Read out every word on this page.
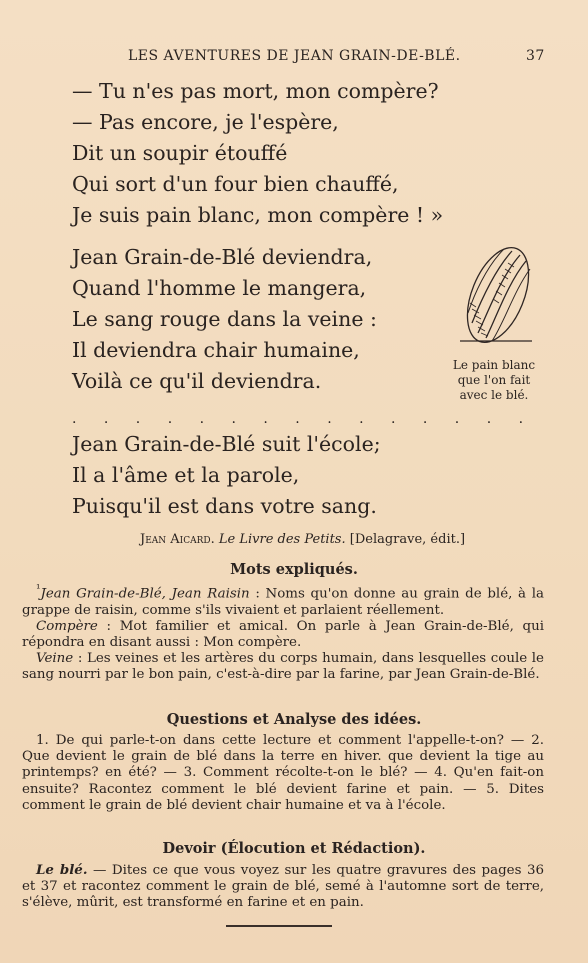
LES AVENTURES DE JEAN GRAIN-DE-BLÉ.	37
— Tu n'es pas mort, mon compère?
— Pas encore, je l'espère,
Dit un soupir étouffé
Qui sort d'un four bien chauffé,
Je suis pain blanc, mon compère ! »
Jean Grain-de-Blé deviendra,
Quand l'homme le mangera,
Le sang rouge dans la veine :
Il deviendra chair humaine,
Voilà ce qu'il deviendra.
Le pain blanc
que l'on fait
avec le blé.
. . . . . . . . . . . . . . .
Jean Grain-de-Blé suit l'école;
Il a l'âme et la parole,
Puisqu'il est dans votre sang.
Jean Aicard. Le Livre des Petits. [Delagrave, édit.]
Mots expliqués.

$^{^1}$Jean Grain-de-Blé, Jean Raisin : Noms qu'on donne au grain de blé, à la grappe de raisin, comme s'ils vivaient et parlaient réellement.

Compère : Mot familier et amical. On parle à Jean Grain-de-Blé, qui répondra en disant aussi : Mon compère.

Veine : Les veines et les artères du corps humain, dans lesquelles coule le sang nourri par le bon pain, c'est-à-dire par la farine, par Jean Grain-de-Blé.

Questions et Analyse des idées.

1. De qui parle-t-on dans cette lecture et comment l'appelle-t-on? — 2. Que devient le grain de blé dans la terre en hiver. que devient la tige au printemps? en été? — 3. Comment récolte-t-on le blé? — 4. Qu'en fait-on ensuite? Racontez comment le blé devient farine et pain. — 5. Dites comment le grain de blé devient chair humaine et va à l'école.

Devoir (Élocution et Rédaction).

Le blé. — Dites ce que vous voyez sur les quatre gravures des pages 36 et 37 et racontez comment le grain de blé, semé à l'automne sort de terre, s'élève, mûrit, est transformé en farine et en pain.
